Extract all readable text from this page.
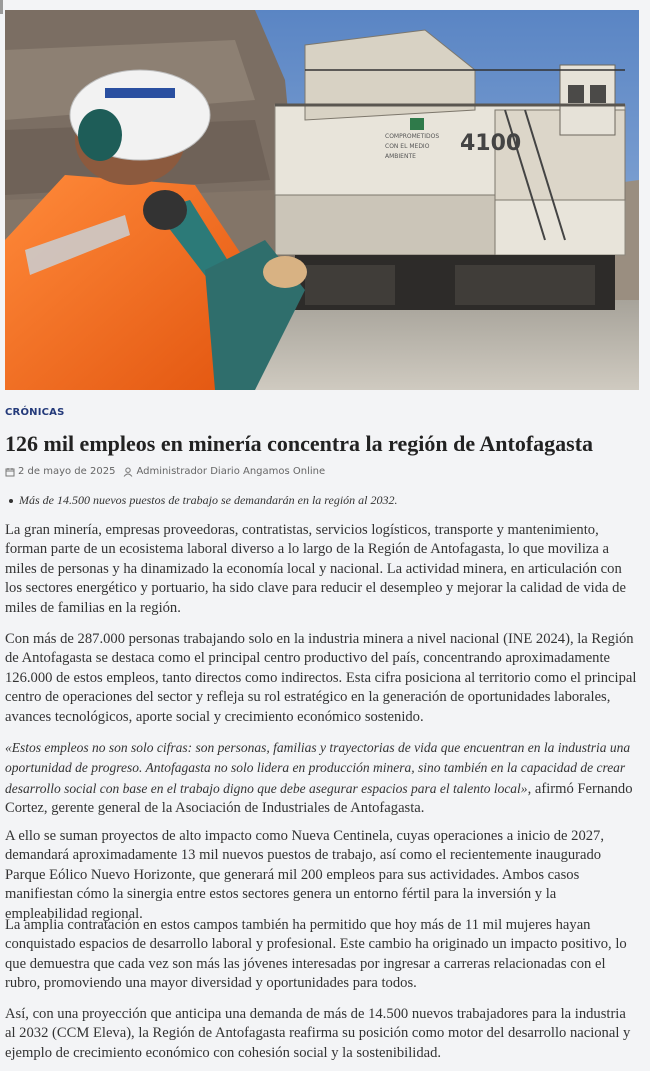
4100
COMPROMETIDOS
CON EL MEDIO
AMBIENTE
CRÓNICAS
126 mil empleos en minería concentra la región de Antofagasta
2 de mayo de 2025 Administrador Diario Angamos Online
Más de 14.500 nuevos puestos de trabajo se demandarán en la región al 2032.

La gran minería, empresas proveedoras, contratistas, servicios logísticos, transporte y mantenimiento, forman parte de un ecosistema laboral diverso a lo largo de la Región de Antofagasta, lo que moviliza a miles de personas y ha dinamizado la economía local y nacional. La actividad minera, en articulación con los sectores energético y portuario, ha sido clave para reducir el desempleo y mejorar la calidad de vida de miles de familias en la región.

Con más de 287.000 personas trabajando solo en la industria minera a nivel nacional (INE 2024), la Región de Antofagasta se destaca como el principal centro productivo del país, concentrando aproximadamente 126.000 de estos empleos, tanto directos como indirectos. Esta cifra posiciona al territorio como el principal centro de operaciones del sector y refleja su rol estratégico en la generación de oportunidades laborales, avances tecnológicos, aporte social y crecimiento económico sostenido.

«Estos empleos no son solo cifras: son personas, familias y trayectorias de vida que encuentran en la industria una oportunidad de progreso. Antofagasta no solo lidera en producción minera, sino también en la capacidad de crear desarrollo social con base en el trabajo digno que debe asegurar espacios para el talento local», afirmó Fernando Cortez, gerente general de la Asociación de Industriales de Antofagasta.

A ello se suman proyectos de alto impacto como Nueva Centinela, cuyas operaciones a inicio de 2027, demandará aproximadamente 13 mil nuevos puestos de trabajo, así como el recientemente inaugurado Parque Eólico Nuevo Horizonte, que generará mil 200 empleos para sus actividades. Ambos casos manifiestan cómo la sinergia entre estos sectores genera un entorno fértil para la inversión y la empleabilidad regional.

La amplia contratación en estos campos también ha permitido que hoy más de 11 mil mujeres hayan conquistado espacios de desarrollo laboral y profesional. Este cambio ha originado un impacto positivo, lo que demuestra que cada vez son más las jóvenes interesadas por ingresar a carreras relacionadas con el rubro, promoviendo una mayor diversidad y oportunidades para todos.

Así, con una proyección que anticipa una demanda de más de 14.500 nuevos trabajadores para la industria al 2032 (CCM Eleva), la Región de Antofagasta reafirma su posición como motor del desarrollo nacional y ejemplo de crecimiento económico con cohesión social y la sostenibilidad.
